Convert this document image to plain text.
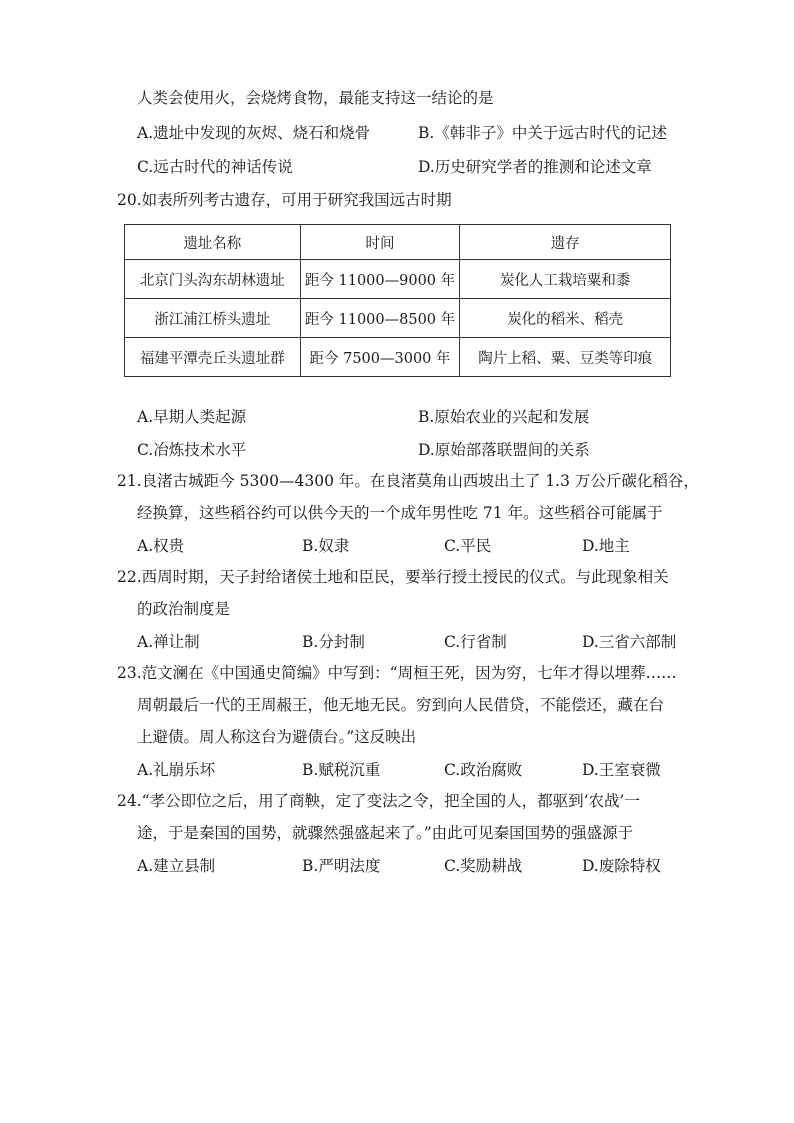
人类会使用火，会烧烤食物，最能支持这一结论的是
A.遗址中发现的灰烬、烧石和烧骨	B.《韩非子》中关于远古时代的记述
C.远古时代的神话传说	D.历史研究学者的推测和论述文章
20.如表所列考古遗存，可用于研究我国远古时期
遗址名称	时间	遗存
北京门头沟东胡林遗址	距今 11000—9000 年	炭化人工栽培粟和黍
浙江浦江桥头遗址	距今 11000—8500 年	炭化的稻米、稻壳
福建平潭壳丘头遗址群	距今 7500—3000 年	陶片上稻、粟、豆类等印痕
A.早期人类起源	B.原始农业的兴起和发展
C.冶炼技术水平	D.原始部落联盟间的关系
21.良渚古城距今 5300—4300 年。在良渚莫角山西坡出土了 1.3 万公斤碳化稻谷，
经换算，这些稻谷约可以供今天的一个成年男性吃 71 年。这些稻谷可能属于
A.权贵	B.奴隶	C.平民	D.地主
22.西周时期，天子封给诸侯土地和臣民，要举行授土授民的仪式。与此现象相关
的政治制度是
A.禅让制	B.分封制	C.行省制	D.三省六部制
23.范文澜在《中国通史简编》中写到：“周桓王死，因为穷，七年才得以埋葬……
周朝最后一代的王周赧王，他无地无民。穷到向人民借贷，不能偿还，藏在台
上避债。周人称这台为避债台。”这反映出
A.礼崩乐坏	B.赋税沉重	C.政治腐败	D.王室衰微
24.“孝公即位之后，用了商鞅，定了变法之令，把全国的人，都驱到‘农战’一
途，于是秦国的国势，就骤然强盛起来了。”由此可见秦国国势的强盛源于
A.建立县制	B.严明法度	C.奖励耕战	D.废除特权
